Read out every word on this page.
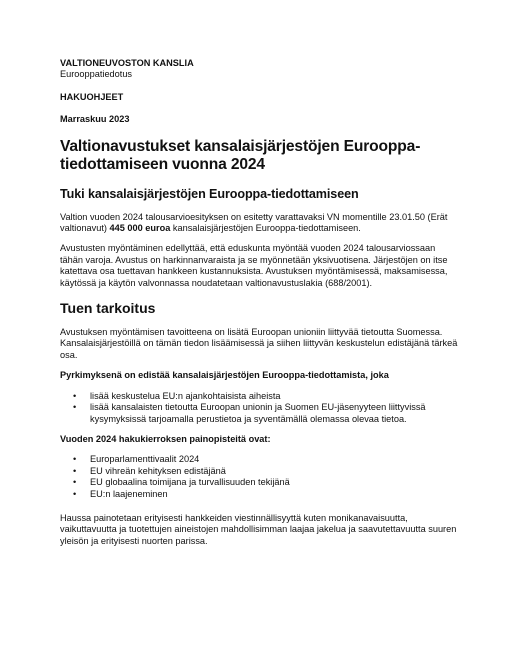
VALTIONEUVOSTON KANSLIA
Eurooppatiedotus
HAKUOHJEET
Marraskuu 2023
Valtionavustukset kansalaisjärjestöjen Eurooppa-tiedottamiseen vuonna 2024
Tuki kansalaisjärjestöjen Eurooppa-tiedottamiseen

Valtion vuoden 2024 talousarvioesityksen on esitetty varattavaksi VN momentille 23.01.50 (Erät valtionavut) 445 000 euroa kansalaisjärjestöjen Eurooppa-tiedottamiseen.

Avustusten myöntäminen edellyttää, että eduskunta myöntää vuoden 2024 talousarviossaan tähän varoja. Avustus on harkinnanvaraista ja se myönnetään yksivuotisena. Järjestöjen on itse katettava osa tuettavan hankkeen kustannuksista. Avustuksen myöntämisessä, maksamisessa, käytössä ja käytön valvonnassa noudatetaan valtionavustuslakia (688/2001).

Tuen tarkoitus

Avustuksen myöntämisen tavoitteena on lisätä Euroopan unioniin liittyvää tietoutta Suomessa. Kansalaisjärjestöillä on tämän tiedon lisäämisessä ja siihen liittyvän keskustelun edistäjänä tärkeä osa.

Pyrkimyksenä on edistää kansalaisjärjestöjen Eurooppa-tiedottamista, joka

• lisää keskustelua EU:n ajankohtaisista aiheista
• lisää kansalaisten tietoutta Euroopan unionin ja Suomen EU-jäsenyyteen liittyvissä kysymyksissä tarjoamalla perustietoa ja syventämällä olemassa olevaa tietoa.

Vuoden 2024 hakukierroksen painopisteitä ovat:

• Europarlamenttivaalit 2024
• EU vihreän kehityksen edistäjänä
• EU globaalina toimijana ja turvallisuuden tekijänä
• EU:n laajeneminen

Haussa painotetaan erityisesti hankkeiden viestinnällisyyttä kuten monikanavaisuutta, vaikuttavuutta ja tuotettujen aineistojen mahdollisimman laajaa jakelua ja saavutettavuutta suuren yleisön ja erityisesti nuorten parissa.
